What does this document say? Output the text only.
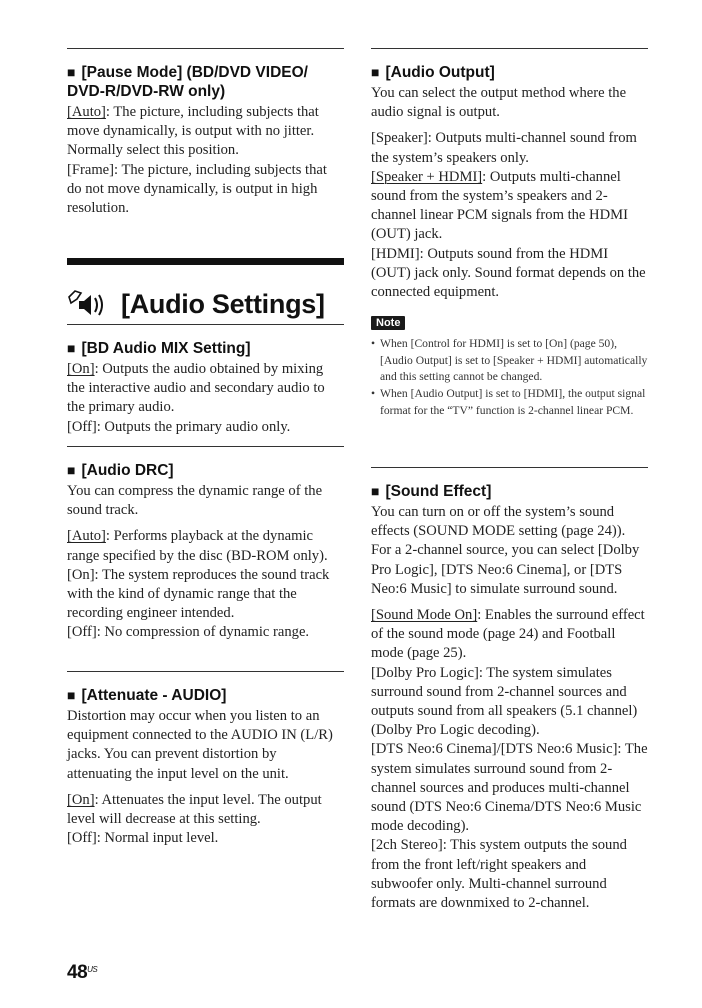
■ [Pause Mode] (BD/DVD VIDEO/ DVD-R/DVD-RW only)

[Auto]: The picture, including subjects that move dynamically, is output with no jitter. Normally select this position.

[Frame]: The picture, including subjects that do not move dynamically, is output in high resolution.

[Audio Settings]
■ [BD Audio MIX Setting]

[On]: Outputs the audio obtained by mixing the interactive audio and secondary audio to the primary audio.

[Off]: Outputs the primary audio only.

■ [Audio DRC]

You can compress the dynamic range of the sound track.

[Auto]: Performs playback at the dynamic range specified by the disc (BD-ROM only).

[On]: The system reproduces the sound track with the kind of dynamic range that the recording engineer intended.

[Off]: No compression of dynamic range.

■ [Attenuate - AUDIO]

Distortion may occur when you listen to an equipment connected to the AUDIO IN (L/R) jacks. You can prevent distortion by attenuating the input level on the unit.

[On]: Attenuates the input level. The output level will decrease at this setting.

[Off]: Normal input level.

■ [Audio Output]

You can select the output method where the audio signal is output.

[Speaker]: Outputs multi-channel sound from the system’s speakers only.

[Speaker + HDMI]: Outputs multi-channel sound from the system’s speakers and 2-channel linear PCM signals from the HDMI (OUT) jack.

[HDMI]: Outputs sound from the HDMI (OUT) jack only. Sound format depends on the connected equipment.

Note
• When [Control for HDMI] is set to [On] (page 50), [Audio Output] is set to [Speaker + HDMI] automatically and this setting cannot be changed.
• When [Audio Output] is set to [HDMI], the output signal format for the “TV” function is 2-channel linear PCM.
■ [Sound Effect]

You can turn on or off the system’s sound effects (SOUND MODE setting (page 24)). For a 2-channel source, you can select [Dolby Pro Logic], [DTS Neo:6 Cinema], or [DTS Neo:6 Music] to simulate surround sound.

[Sound Mode On]: Enables the surround effect of the sound mode (page 24) and Football mode (page 25).

[Dolby Pro Logic]: The system simulates surround sound from 2-channel sources and outputs sound from all speakers (5.1 channel) (Dolby Pro Logic decoding).

[DTS Neo:6 Cinema]/[DTS Neo:6 Music]: The system simulates surround sound from 2-channel sources and produces multi-channel sound (DTS Neo:6 Cinema/DTS Neo:6 Music mode decoding).

[2ch Stereo]: This system outputs the sound from the front left/right speakers and subwoofer only. Multi-channel surround formats are downmixed to 2-channel.

$48^{US}$
